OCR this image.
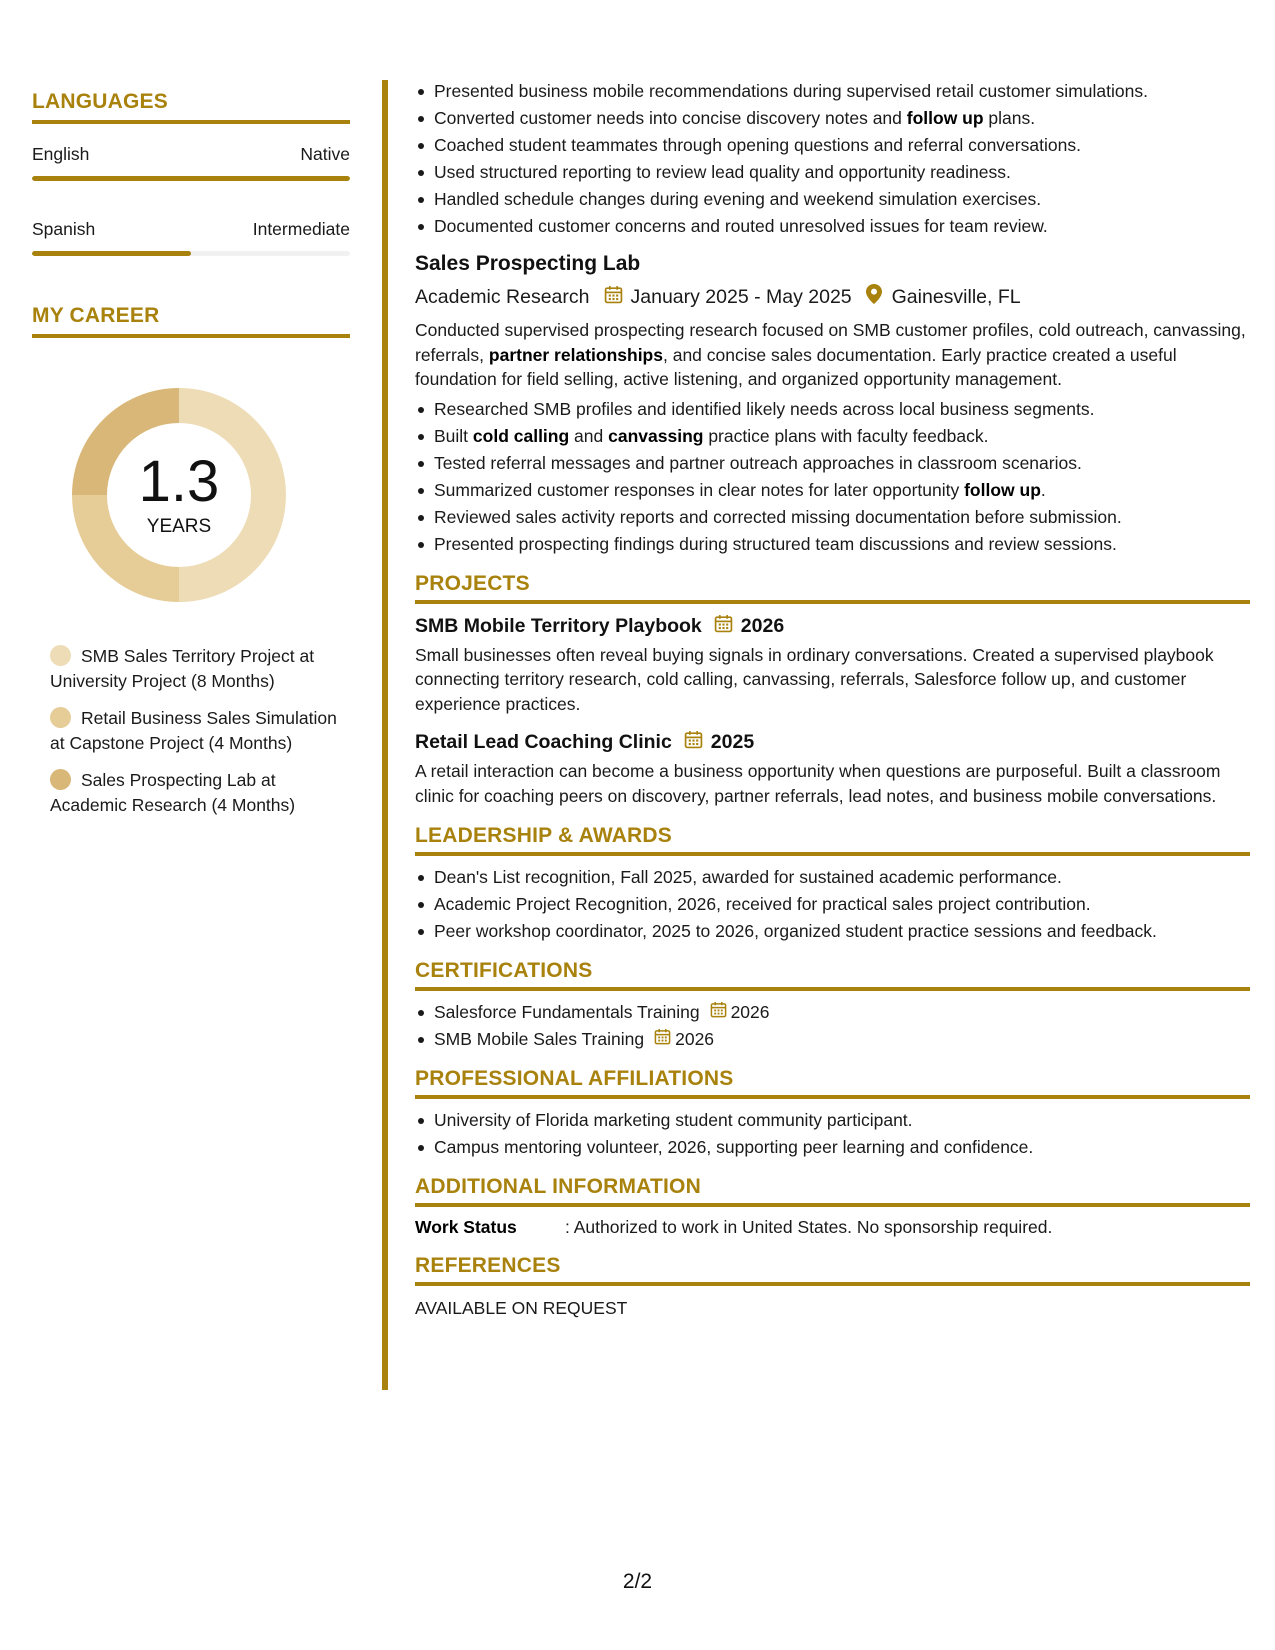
LANGUAGES
English	Native
Spanish	Intermediate
MY CAREER
1.3
YEARS
SMB Sales Territory Project at University Project (8 Months)
Retail Business Sales Simulation at Capstone Project (4 Months)
Sales Prospecting Lab at Academic Research (4 Months)
Presented business mobile recommendations during supervised retail customer simulations.
Converted customer needs into concise discovery notes and follow up plans.
Coached student teammates through opening questions and referral conversations.
Used structured reporting to review lead quality and opportunity readiness.
Handled schedule changes during evening and weekend simulation exercises.
Documented customer concerns and routed unresolved issues for team review.
Sales Prospecting Lab
Academic Research January 2025 - May 2025 Gainesville, FL
Conducted supervised prospecting research focused on SMB customer profiles, cold outreach, canvassing, referrals, partner relationships, and concise sales documentation. Early practice created a useful foundation for field selling, active listening, and organized opportunity management.
Researched SMB profiles and identified likely needs across local business segments.
Built cold calling and canvassing practice plans with faculty feedback.
Tested referral messages and partner outreach approaches in classroom scenarios.
Summarized customer responses in clear notes for later opportunity follow up.
Reviewed sales activity reports and corrected missing documentation before submission.
Presented prospecting findings during structured team discussions and review sessions.
PROJECTS
SMB Mobile Territory Playbook 2026
Small businesses often reveal buying signals in ordinary conversations. Created a supervised playbook connecting territory research, cold calling, canvassing, referrals, Salesforce follow up, and customer experience practices.
Retail Lead Coaching Clinic 2025
A retail interaction can become a business opportunity when questions are purposeful. Built a classroom clinic for coaching peers on discovery, partner referrals, lead notes, and business mobile conversations.
LEADERSHIP & AWARDS
Dean's List recognition, Fall 2025, awarded for sustained academic performance.
Academic Project Recognition, 2026, received for practical sales project contribution.
Peer workshop coordinator, 2025 to 2026, organized student practice sessions and feedback.
CERTIFICATIONS
Salesforce Fundamentals Training 2026
SMB Mobile Sales Training 2026
PROFESSIONAL AFFILIATIONS
University of Florida marketing student community participant.
Campus mentoring volunteer, 2026, supporting peer learning and confidence.
ADDITIONAL INFORMATION
Work Status	: Authorized to work in United States. No sponsorship required.
REFERENCES
AVAILABLE ON REQUEST
2/2
